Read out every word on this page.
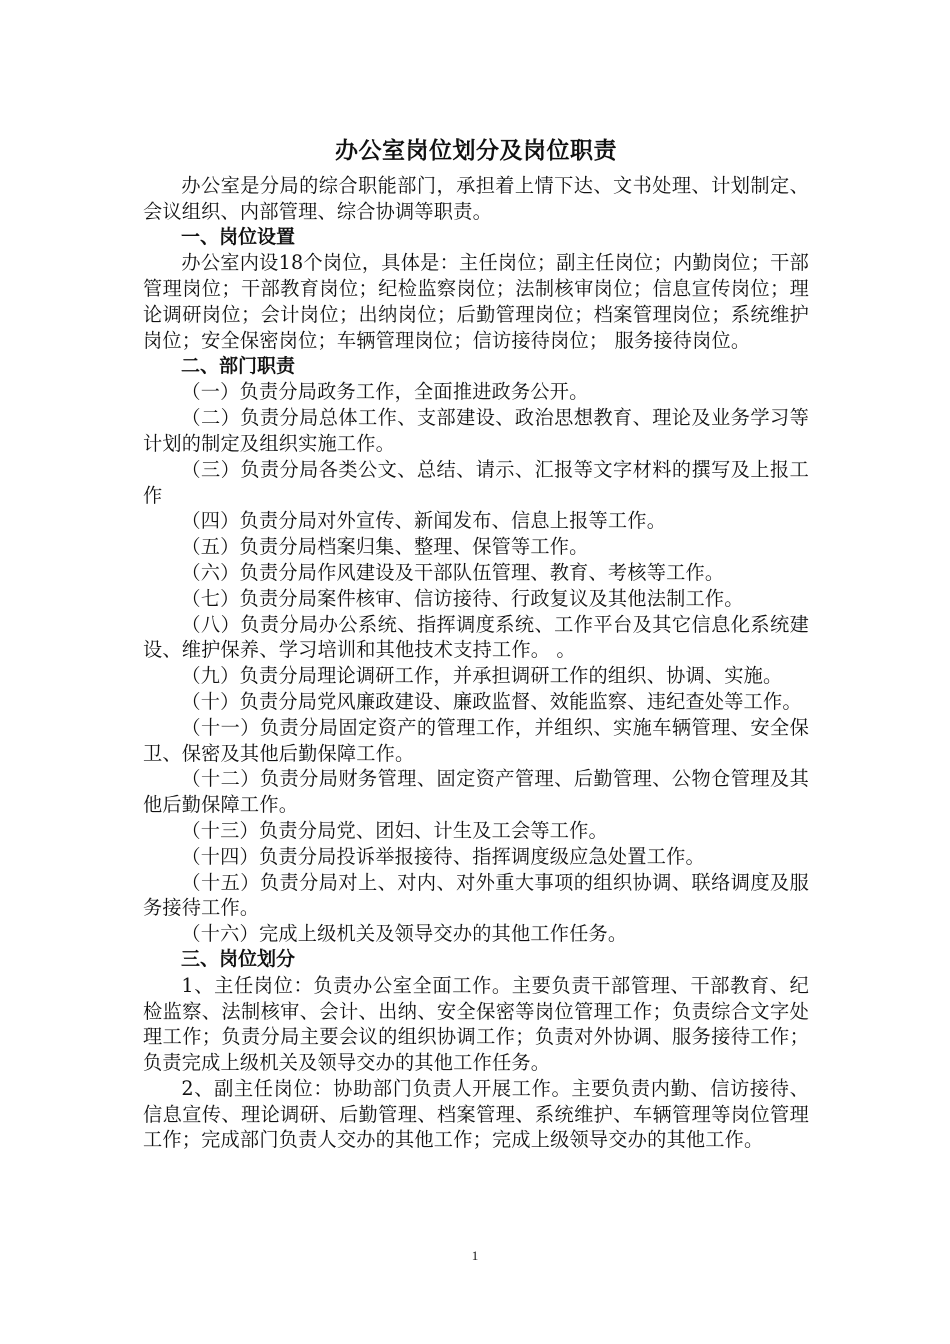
办公室岗位划分及岗位职责

办公室是分局的综合职能部门，承担着上情下达、文书处理、计划制定、会议组织、内部管理、综合协调等职责。

一、岗位设置

办公室内设18个岗位，具体是：主任岗位；副主任岗位；内勤岗位；干部管理岗位；干部教育岗位；纪检监察岗位；法制核审岗位；信息宣传岗位；理论调研岗位；会计岗位；出纳岗位；后勤管理岗位；档案管理岗位；系统维护岗位；安全保密岗位；车辆管理岗位；信访接待岗位； 服务接待岗位。

二、部门职责

（一）负责分局政务工作，全面推进政务公开。

（二）负责分局总体工作、支部建设、政治思想教育、理论及业务学习等计划的制定及组织实施工作。

（三）负责分局各类公文、总结、请示、汇报等文字材料的撰写及上报工作

（四）负责分局对外宣传、新闻发布、信息上报等工作。

（五）负责分局档案归集、整理、保管等工作。

（六）负责分局作风建设及干部队伍管理、教育、考核等工作。

（七）负责分局案件核审、信访接待、行政复议及其他法制工作。

（八）负责分局办公系统、指挥调度系统、工作平台及其它信息化系统建设、维护保养、学习培训和其他技术支持工作。 。

（九）负责分局理论调研工作，并承担调研工作的组织、协调、实施。

（十）负责分局党风廉政建设、廉政监督、效能监察、违纪查处等工作。

（十一）负责分局固定资产的管理工作，并组织、实施车辆管理、安全保卫、保密及其他后勤保障工作。

（十二）负责分局财务管理、固定资产管理、后勤管理、公物仓管理及其他后勤保障工作。

（十三）负责分局党、团妇、计生及工会等工作。

（十四）负责分局投诉举报接待、指挥调度级应急处置工作。

（十五）负责分局对上、对内、对外重大事项的组织协调、联络调度及服务接待工作。

（十六）完成上级机关及领导交办的其他工作任务。

三、岗位划分

1、主任岗位：负责办公室全面工作。主要负责干部管理、干部教育、纪检监察、法制核审、会计、出纳、安全保密等岗位管理工作；负责综合文字处理工作；负责分局主要会议的组织协调工作；负责对外协调、服务接待工作；负责完成上级机关及领导交办的其他工作任务。

2、副主任岗位：协助部门负责人开展工作。主要负责内勤、信访接待、信息宣传、理论调研、后勤管理、档案管理、系统维护、车辆管理等岗位管理工作；完成部门负责人交办的其他工作；完成上级领导交办的其他工作。

1
